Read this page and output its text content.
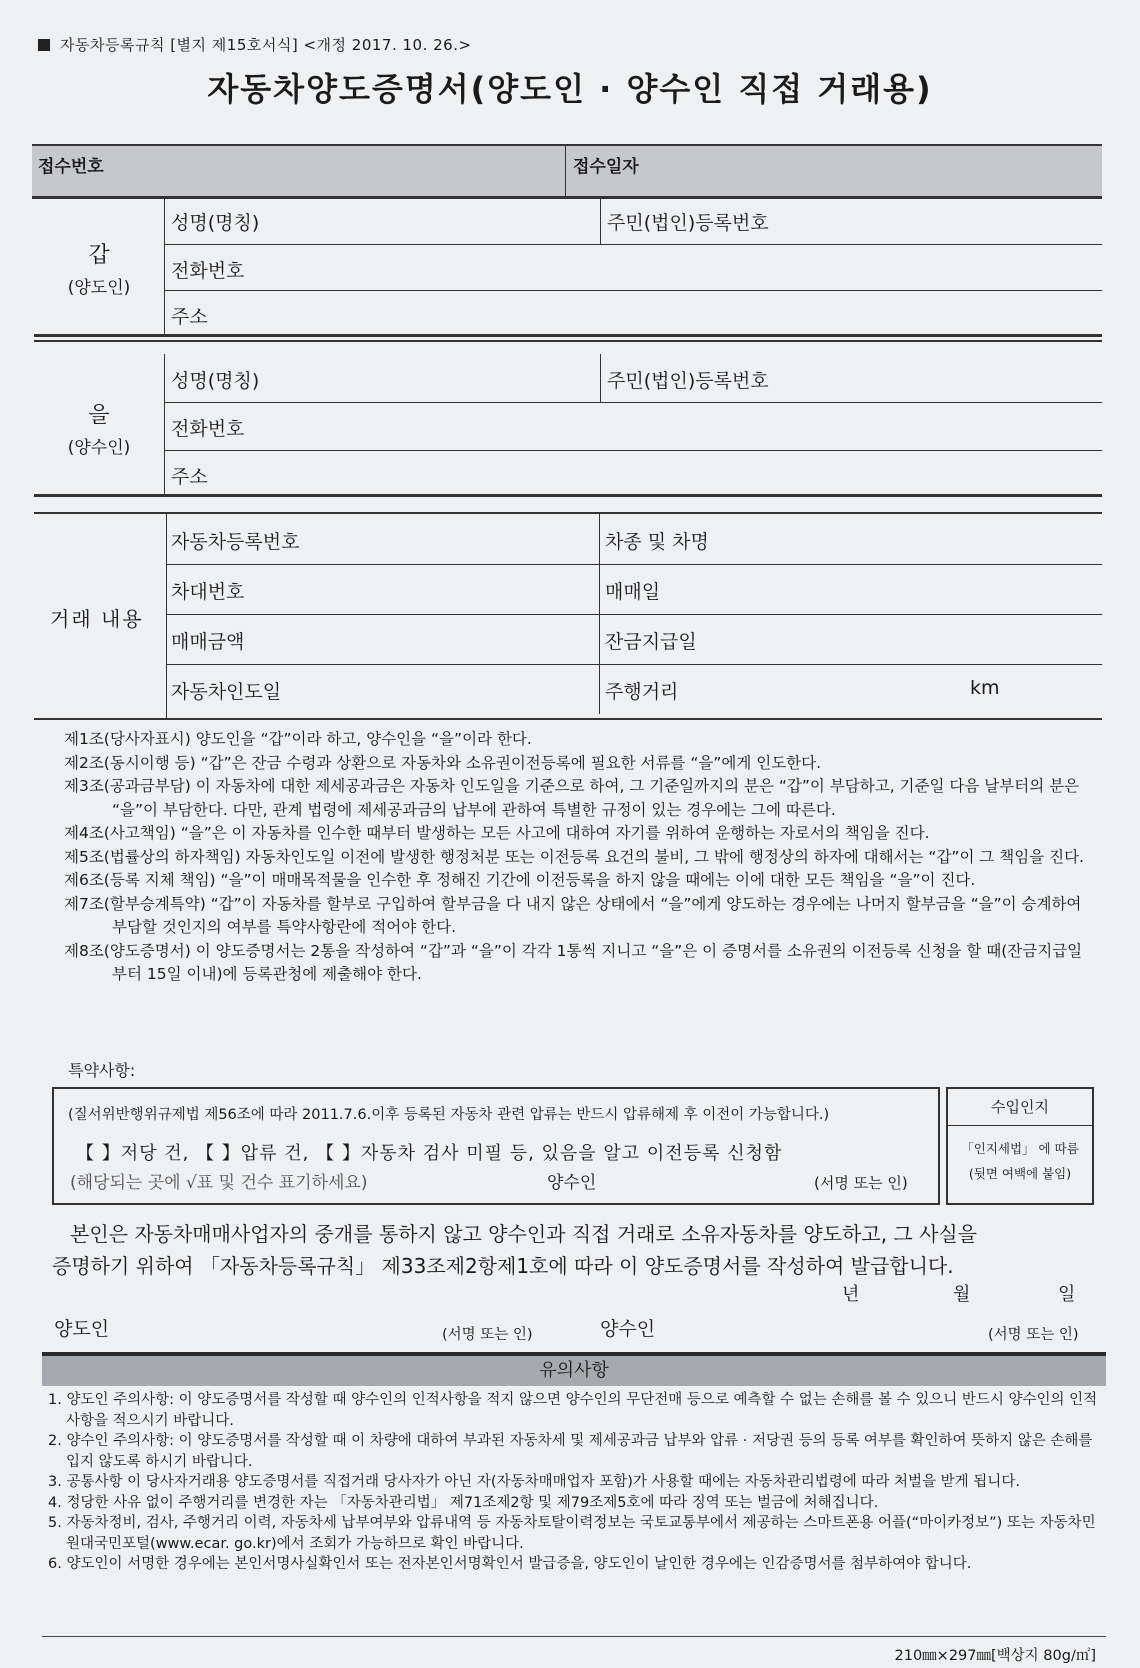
자동차등록규칙 [별지 제15호서식] <개정 2017. 10. 26.>
자동차양도증명서(양도인 · 양수인 직접 거래용)
접수번호	접수일자
갑
(양도인)
성명(명칭)	주민(법인)등록번호
전화번호
주소
을
(양수인)
성명(명칭)	주민(법인)등록번호
전화번호
주소
거래 내용
자동차등록번호	차종 및 차명
차대번호	매매일
매매금액	잔금지급일
자동차인도일	주행거리	km

제1조(당사자표시) 양도인을 “갑”이라 하고, 양수인을 “을”이라 한다.

제2조(동시이행 등) “갑”은 잔금 수령과 상환으로 자동차와 소유권이전등록에 필요한 서류를 “을”에게 인도한다.

제3조(공과금부담) 이 자동차에 대한 제세공과금은 자동차 인도일을 기준으로 하여, 그 기준일까지의 분은 “갑”이 부담하고, 기준일 다음 날부터의 분은 “을”이 부담한다. 다만, 관계 법령에 제세공과금의 납부에 관하여 특별한 규정이 있는 경우에는 그에 따른다.

제4조(사고책임) “을”은 이 자동차를 인수한 때부터 발생하는 모든 사고에 대하여 자기를 위하여 운행하는 자로서의 책임을 진다.

제5조(법률상의 하자책임) 자동차인도일 이전에 발생한 행정처분 또는 이전등록 요건의 불비, 그 밖에 행정상의 하자에 대해서는 “갑”이 그 책임을 진다.

제6조(등록 지체 책임) “을”이 매매목적물을 인수한 후 정해진 기간에 이전등록을 하지 않을 때에는 이에 대한 모든 책임을 “을”이 진다.

제7조(할부승계특약) “갑”이 자동차를 할부로 구입하여 할부금을 다 내지 않은 상태에서 “을”에게 양도하는 경우에는 나머지 할부금을 “을”이 승계하여 부담할 것인지의 여부를 특약사항란에 적어야 한다.

제8조(양도증명서) 이 양도증명서는 2통을 작성하여 “갑”과 “을”이 각각 1통씩 지니고 “을”은 이 증명서를 소유권의 이전등록 신청을 할 때(잔금지급일부터 15일 이내)에 등록관청에 제출해야 한다.

특약사항:
(질서위반행위규제법 제56조에 따라 2011.7.6.이후 등록된 자동차 관련 압류는 반드시 압류해제 후 이전이 가능합니다.)
【 】저당 건, 【 】압류 건, 【 】자동차 검사 미필 등, 있음을 알고 이전등록 신청함
(해당되는 곳에 √표 및 건수 표기하세요)	양수인	(서명 또는 인)
수입인지
「인지세법」 에 따름
(뒷면 여백에 붙임)

본인은 자동차매매사업자의 중개를 통하지 않고 양수인과 직접 거래로 소유자동차를 양도하고, 그 사실을

증명하기 위하여 「자동차등록규칙」 제33조제2항제1호에 따라 이 양도증명서를 작성하여 발급합니다.

년	월	일
양도인	(서명 또는 인)	양수인	(서명 또는 인)
유의사항

1. 양도인 주의사항: 이 양도증명서를 작성할 때 양수인의 인적사항을 적지 않으면 양수인의 무단전매 등으로 예측할 수 없는 손해를 볼 수 있으니 반드시 양수인의 인적사항을 적으시기 바랍니다.

2. 양수인 주의사항: 이 양도증명서를 작성할 때 이 차량에 대하여 부과된 자동차세 및 제세공과금 납부와 압류 · 저당권 등의 등록 여부를 확인하여 뜻하지 않은 손해를 입지 않도록 하시기 바랍니다.

3. 공통사항 이 당사자거래용 양도증명서를 직접거래 당사자가 아닌 자(자동차매매업자 포함)가 사용할 때에는 자동차관리법령에 따라 처벌을 받게 됩니다.

4. 정당한 사유 없이 주행거리를 변경한 자는 「자동차관리법」 제71조제2항 및 제79조제5호에 따라 징역 또는 벌금에 처해집니다.

5. 자동차정비, 검사, 주행거리 이력, 자동차세 납부여부와 압류내역 등 자동차토탈이력정보는 국토교통부에서 제공하는 스마트폰용 어플(“마이카정보”) 또는 자동차민원대국민포털(www.ecar. go.kr)에서 조회가 가능하므로 확인 바랍니다.

6. 양도인이 서명한 경우에는 본인서명사실확인서 또는 전자본인서명확인서 발급증을, 양도인이 날인한 경우에는 인감증명서를 첨부하여야 합니다.

210㎜×297㎜[백상지 80g/㎡]
